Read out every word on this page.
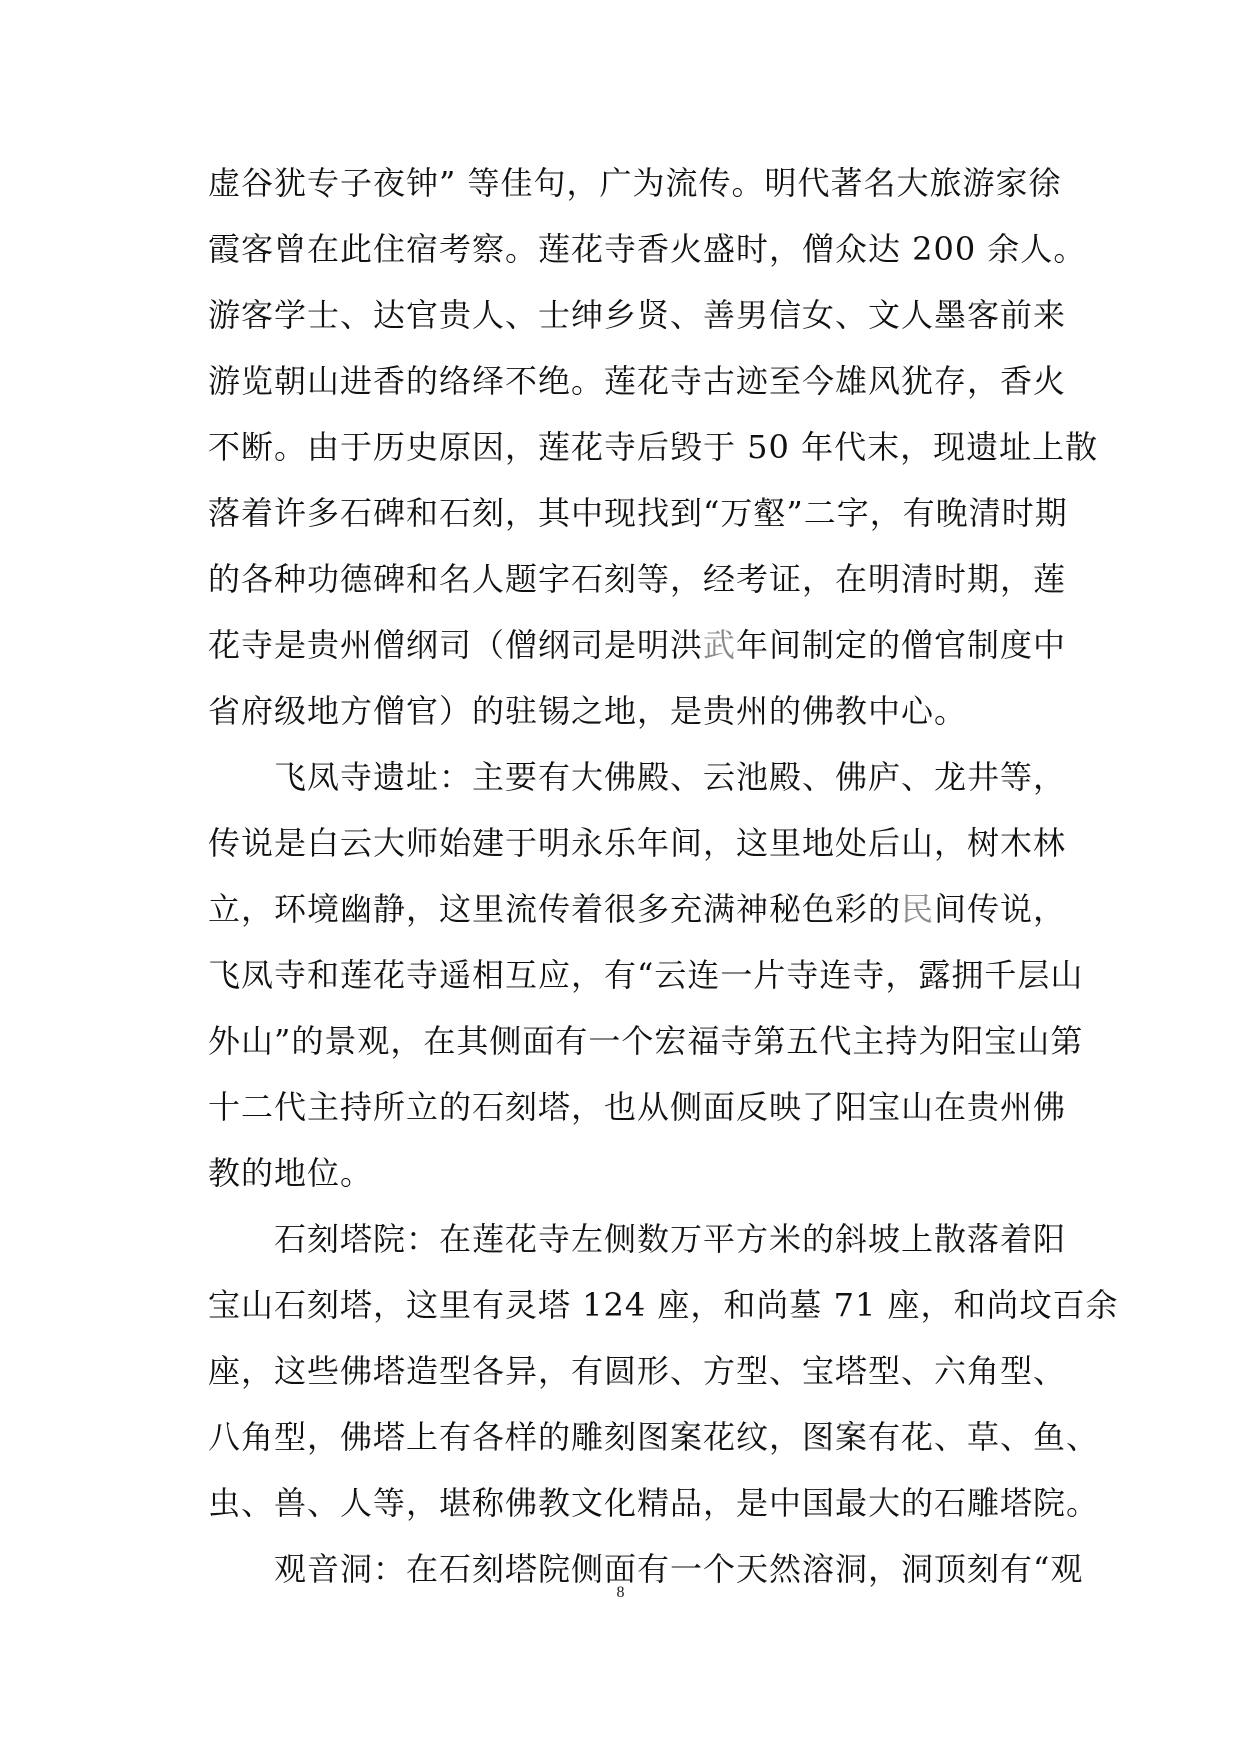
虚谷犹专子夜钟” 等佳句，广为流传。明代著名大旅游家徐
霞客曾在此住宿考察。莲花寺香火盛时，僧众达 200 余人。
游客学士、达官贵人、士绅乡贤、善男信女、文人墨客前来
游览朝山进香的络绎不绝。莲花寺古迹至今雄风犹存，香火
不断。由于历史原因，莲花寺后毁于 50 年代末，现遗址上散
落着许多石碑和石刻，其中现找到“万壑”二字，有晚清时期
的各种功德碑和名人题字石刻等，经考证，在明清时期，莲
花寺是贵州僧纲司（僧纲司是明洪武年间制定的僧官制度中
省府级地方僧官）的驻锡之地，是贵州的佛教中心。
飞凤寺遗址：主要有大佛殿、云池殿、佛庐、龙井等，
传说是白云大师始建于明永乐年间，这里地处后山，树木林
立，环境幽静，这里流传着很多充满神秘色彩的民间传说，
飞凤寺和莲花寺遥相互应，有“云连一片寺连寺，露拥千层山
外山”的景观，在其侧面有一个宏福寺第五代主持为阳宝山第
十二代主持所立的石刻塔，也从侧面反映了阳宝山在贵州佛
教的地位。
石刻塔院：在莲花寺左侧数万平方米的斜坡上散落着阳
宝山石刻塔，这里有灵塔 124 座，和尚墓 71 座，和尚坟百余
座，这些佛塔造型各异，有圆形、方型、宝塔型、六角型、
八角型，佛塔上有各样的雕刻图案花纹，图案有花、草、鱼、
虫、兽、人等，堪称佛教文化精品，是中国最大的石雕塔院。
观音洞：在石刻塔院侧面有一个天然溶洞，洞顶刻有“观
8
